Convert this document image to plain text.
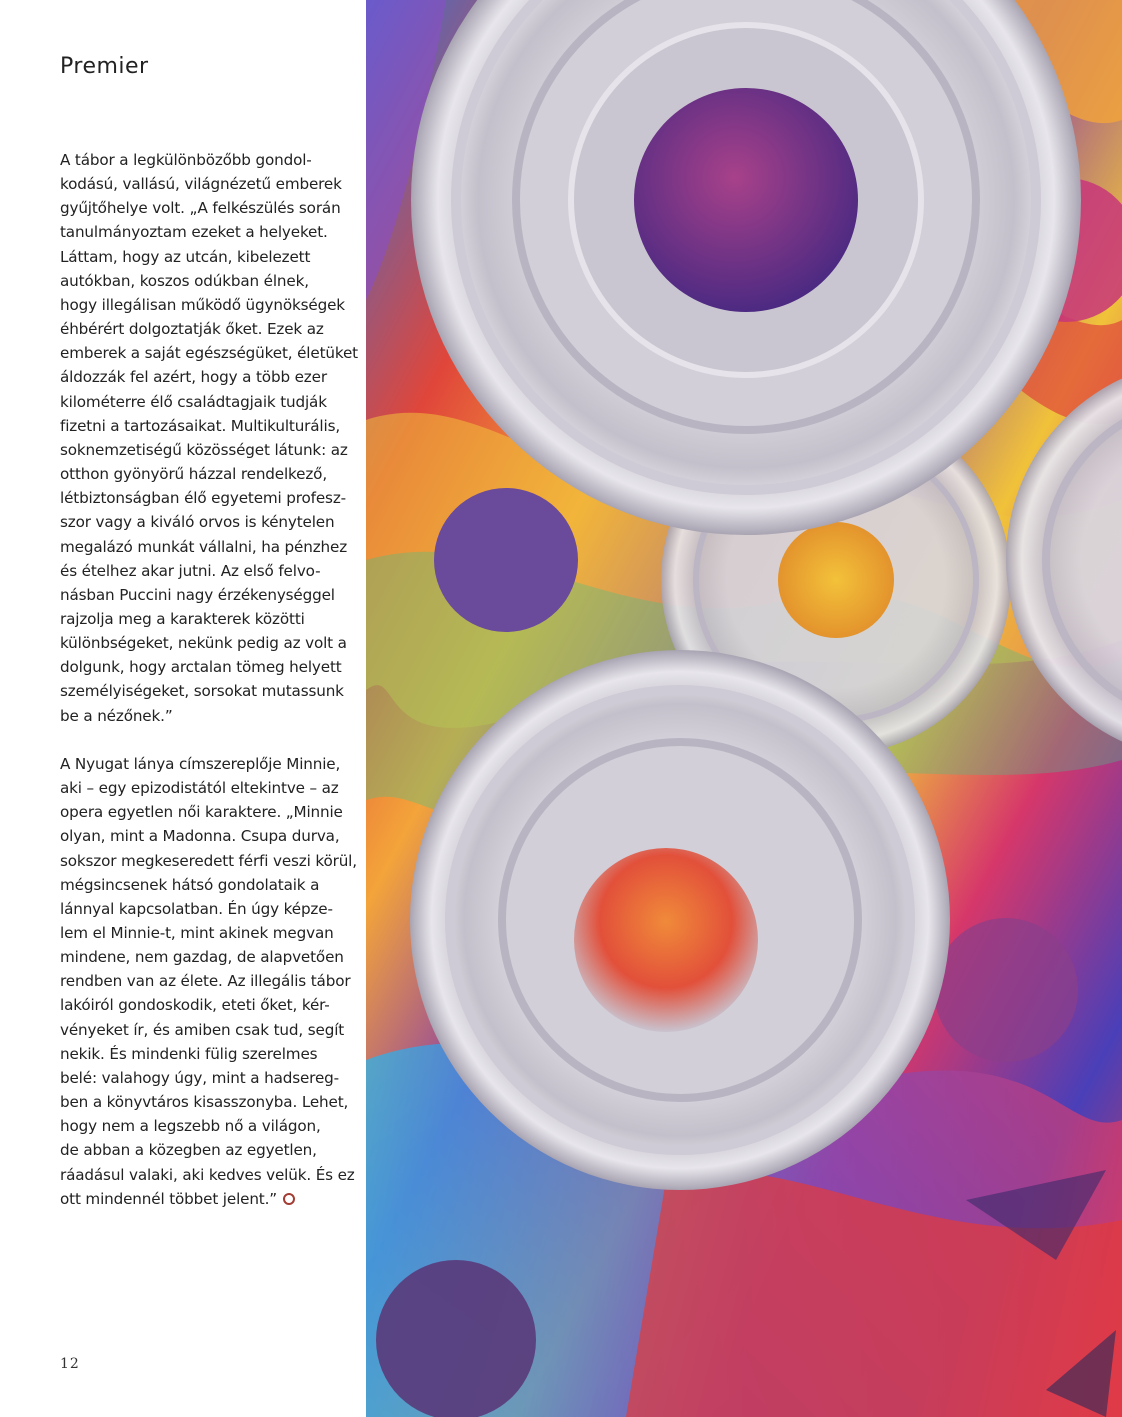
Premier
A tábor a legkülönbözőbb gondol-
kodású, vallású, világnézetű emberek
gyűjtőhelye volt. „A felkészülés során
tanulmányoztam ezeket a helyeket.
Láttam, hogy az utcán, kibelezett
autókban, koszos odúkban élnek,
hogy illegálisan működő ügynökségek
éhbérért dolgoztatják őket. Ezek az
emberek a saját egészségüket, életüket
áldozzák fel azért, hogy a több ezer
kilométerre élő családtagjaik tudják
fizetni a tartozásaikat. Multikulturális,
soknemzetiségű közösséget látunk: az
otthon gyönyörű házzal rendelkező,
létbiztonságban élő egyetemi profesz-
szor vagy a kiváló orvos is kénytelen
megalázó munkát vállalni, ha pénzhez
és ételhez akar jutni. Az első felvo-
násban Puccini nagy érzékenységgel
rajzolja meg a karakterek közötti
különbségeket, nekünk pedig az volt a
dolgunk, hogy arctalan tömeg helyett
személyiségeket, sorsokat mutassunk
be a nézőnek.”
A Nyugat lánya címszereplője Minnie,
aki – egy epizodistától eltekintve – az
opera egyetlen női karaktere. „Minnie
olyan, mint a Madonna. Csupa durva,
sokszor megkeseredett férfi veszi körül,
mégsincsenek hátsó gondolataik a
lánnyal kapcsolatban. Én úgy képze-
lem el Minnie-t, mint akinek megvan
mindene, nem gazdag, de alapvetően
rendben van az élete. Az illegális tábor
lakóiról gondoskodik, eteti őket, kér-
vényeket ír, és amiben csak tud, segít
nekik. És mindenki fülig szerelmes
belé: valahogy úgy, mint a hadsereg-
ben a könyvtáros kisasszonyba. Lehet,
hogy nem a legszebb nő a világon,
de abban a közegben az egyetlen,
ráadásul valaki, aki kedves velük. És ez
ott mindennél többet jelent.”
12
